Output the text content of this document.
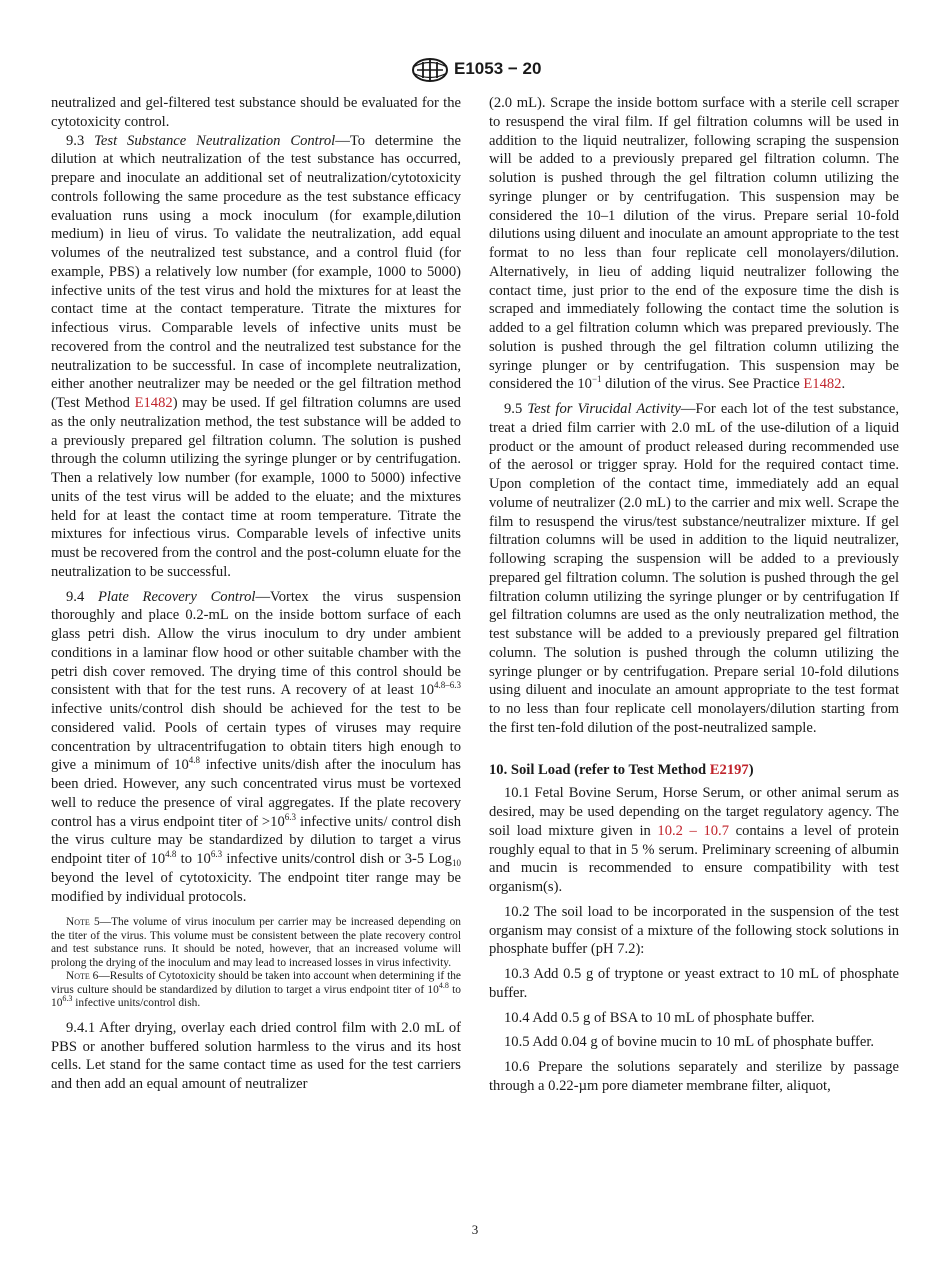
E1053 − 20

neutralized and gel-filtered test substance should be evaluated for the cytotoxicity control.

9.3 Test Substance Neutralization Control—To determine the dilution at which neutralization of the test substance has occurred, prepare and inoculate an additional set of neutralization/cytotoxicity controls following the same procedure as the test substance efficacy evaluation runs using a mock inoculum (for example,dilution medium) in lieu of virus. To validate the neutralization, add equal volumes of the neutralized test substance, and a control fluid (for example, PBS) a relatively low number (for example, 1000 to 5000) infective units of the test virus and hold the mixtures for at least the contact time at the contact temperature. Titrate the mixtures for infectious virus. Comparable levels of infective units must be recovered from the control and the neutralized test substance for the neutralization to be successful. In case of incomplete neutralization, either another neutralizer may be needed or the gel filtration method (Test Method E1482) may be used. If gel filtration columns are used as the only neutralization method, the test substance will be added to a previously prepared gel filtration column. The solution is pushed through the column utilizing the syringe plunger or by centrifugation. Then a relatively low number (for example, 1000 to 5000) infective units of the test virus will be added to the eluate; and the mixtures held for at least the contact time at room temperature. Titrate the mixtures for infectious virus. Comparable levels of infective units must be recovered from the control and the post-column eluate for the neutralization to be successful.

9.4 Plate Recovery Control—Vortex the virus suspension thoroughly and place 0.2-mL on the inside bottom surface of each glass petri dish. Allow the virus inoculum to dry under ambient conditions in a laminar flow hood or other suitable chamber with the petri dish cover removed. The drying time of this control should be consistent with that for the test runs. A recovery of at least $10^{4.8-6.3}$ infective units/control dish should be achieved for the test to be considered valid. Pools of certain types of viruses may require concentration by ultracentrifugation to obtain titers high enough to give a minimum of $10^{4.8}$ infective units/dish after the inoculum has been dried. However, any such concentrated virus must be vortexed well to reduce the presence of viral aggregates. If the plate recovery control has a virus endpoint titer of $>10^{6.3}$ infective units/ control dish the virus culture may be standardized by dilution to target a virus endpoint titer of $10^{4.8}$ to $10^{6.3}$ infective units/control dish or 3-5 Log$_{10}$ beyond the level of cytotoxicity. The endpoint titer range may be modified by individual protocols.

Note 5—The volume of virus inoculum per carrier may be increased depending on the titer of the virus. This volume must be consistent between the plate recovery control and test substance runs. It should be noted, however, that an increased volume will prolong the drying of the inoculum and may lead to increased losses in virus infectivity.

Note 6—Results of Cytotoxicity should be taken into account when determining if the virus culture should be standardized by dilution to target a virus endpoint titer of $10^{4.8}$ to $10^{6.3}$ infective units/control dish.

9.4.1 After drying, overlay each dried control film with 2.0 mL of PBS or another buffered solution harmless to the virus and its host cells. Let stand for the same contact time as used for the test carriers and then add an equal amount of neutralizer

(2.0 mL). Scrape the inside bottom surface with a sterile cell scraper to resuspend the viral film. If gel filtration columns will be used in addition to the liquid neutralizer, following scraping the suspension will be added to a previously prepared gel filtration column. The solution is pushed through the gel filtration column utilizing the syringe plunger or by centrifugation. This suspension may be considered the 10–1 dilution of the virus. Prepare serial 10-fold dilutions using diluent and inoculate an amount appropriate to the test format to no less than four replicate cell monolayers/dilution. Alternatively, in lieu of adding liquid neutralizer following the contact time, just prior to the end of the exposure time the dish is scraped and immediately following the contact time the solution is added to a gel filtration column which was prepared previously. The solution is pushed through the gel filtration column utilizing the syringe plunger or by centrifugation. This suspension may be considered the $10^{-1}$ dilution of the virus. See Practice E1482.

9.5 Test for Virucidal Activity—For each lot of the test substance, treat a dried film carrier with 2.0 mL of the use-dilution of a liquid product or the amount of product released during recommended use of the aerosol or trigger spray. Hold for the required contact time. Upon completion of the contact time, immediately add an equal volume of neutralizer (2.0 mL) to the carrier and mix well. Scrape the film to resuspend the virus/test substance/neutralizer mixture. If gel filtration columns will be used in addition to the liquid neutralizer, following scraping the suspension will be added to a previously prepared gel filtration column. The solution is pushed through the gel filtration column utilizing the syringe plunger or by centrifugation If gel filtration columns are used as the only neutralization method, the test substance will be added to a previously prepared gel filtration column. The solution is pushed through the column utilizing the syringe plunger or by centrifugation. Prepare serial 10-fold dilutions using diluent and inoculate an amount appropriate to the test format to no less than four replicate cell monolayers/dilution starting from the first ten-fold dilution of the post-neutralized sample.

10. Soil Load (refer to Test Method E2197)

10.1 Fetal Bovine Serum, Horse Serum, or other animal serum as desired, may be used depending on the target regulatory agency. The soil load mixture given in 10.2 – 10.7 contains a level of protein roughly equal to that in 5 % serum. Preliminary screening of albumin and mucin is recommended to ensure compatibility with test organism(s).

10.2 The soil load to be incorporated in the suspension of the test organism may consist of a mixture of the following stock solutions in phosphate buffer (pH 7.2):

10.3 Add 0.5 g of tryptone or yeast extract to 10 mL of phosphate buffer.

10.4 Add 0.5 g of BSA to 10 mL of phosphate buffer.

10.5 Add 0.04 g of bovine mucin to 10 mL of phosphate buffer.

10.6 Prepare the solutions separately and sterilize by passage through a 0.22-µm pore diameter membrane filter, aliquot,

3
